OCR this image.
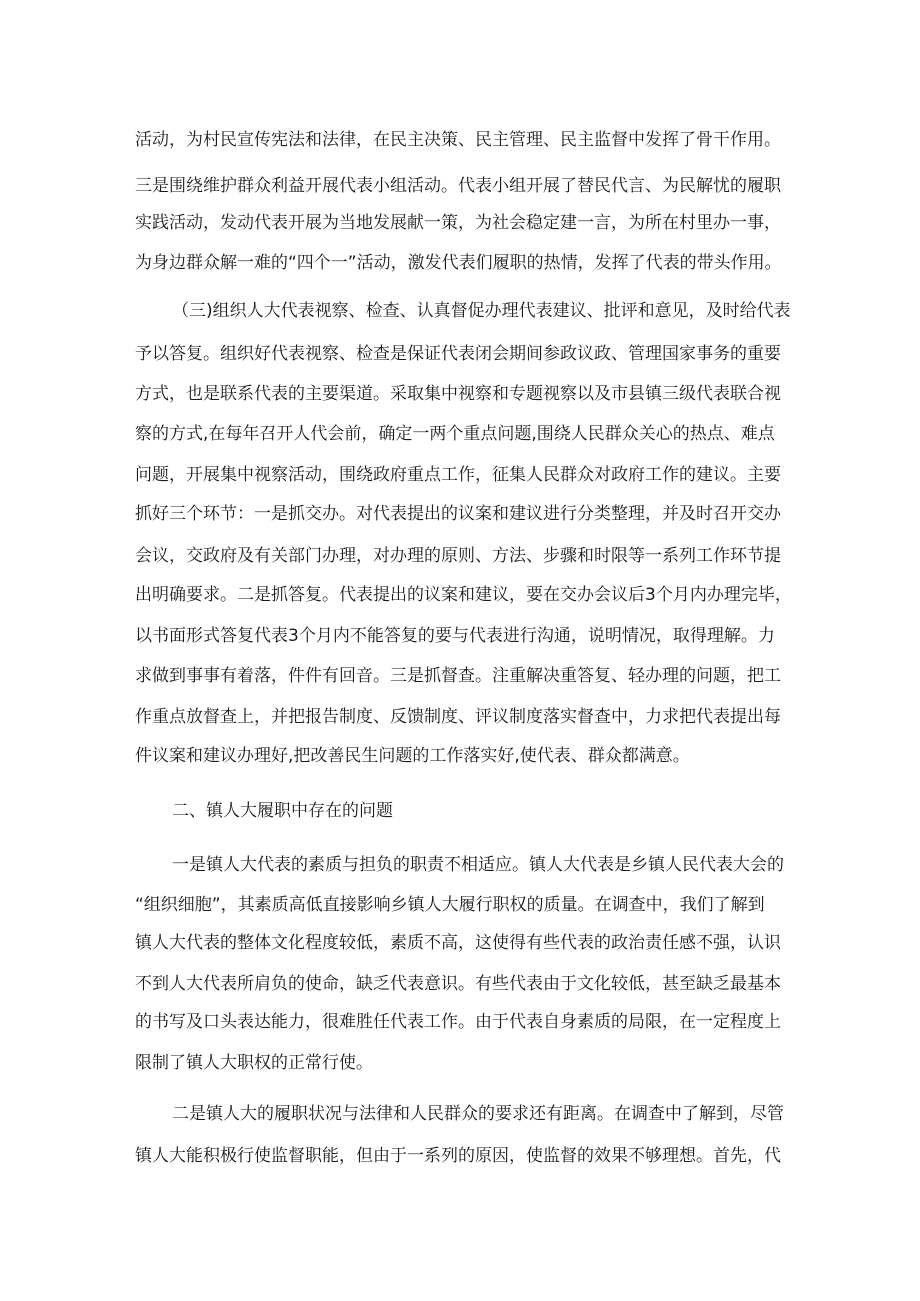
活动，为村民宣传宪法和法律，在民主决策、民主管理、民主监督中发挥了骨干作用。

三是围绕维护群众利益开展代表小组活动。代表小组开展了替民代言、为民解忧的履职

实践活动，发动代表开展为当地发展献一策，为社会稳定建一言，为所在村里办一事，

为身边群众解一难的“四个一”活动，激发代表们履职的热情，发挥了代表的带头作用。

（三)组织人大代表视察、检查、认真督促办理代表建议、批评和意见，及时给代表

予以答复。组织好代表视察、检查是保证代表闭会期间参政议政、管理国家事务的重要

方式，也是联系代表的主要渠道。采取集中视察和专题视察以及市县镇三级代表联合视

察的方式,在每年召开人代会前，确定一两个重点问题,围绕人民群众关心的热点、难点

问题，开展集中视察活动，围绕政府重点工作，征集人民群众对政府工作的建议。主要

抓好三个环节：一是抓交办。对代表提出的议案和建议进行分类整理，并及时召开交办

会议，交政府及有关部门办理，对办理的原则、方法、步骤和时限等一系列工作环节提

出明确要求。二是抓答复。代表提出的议案和建议，要在交办会议后3个月内办理完毕，

以书面形式答复代表3个月内不能答复的要与代表进行沟通，说明情况，取得理解。力

求做到事事有着落，件件有回音。三是抓督查。注重解决重答复、轻办理的问题，把工

作重点放督查上，并把报告制度、反馈制度、评议制度落实督查中，力求把代表提出每

件议案和建议办理好,把改善民生问题的工作落实好,使代表、群众都满意。

二、镇人大履职中存在的问题

一是镇人大代表的素质与担负的职责不相适应。镇人大代表是乡镇人民代表大会的

“组织细胞”，其素质高低直接影响乡镇人大履行职权的质量。在调查中，我们了解到

镇人大代表的整体文化程度较低，素质不高，这使得有些代表的政治责任感不强，认识

不到人大代表所肩负的使命，缺乏代表意识。有些代表由于文化较低，甚至缺乏最基本

的书写及口头表达能力，很难胜任代表工作。由于代表自身素质的局限，在一定程度上

限制了镇人大职权的正常行使。

二是镇人大的履职状况与法律和人民群众的要求还有距离。在调查中了解到，尽管

镇人大能积极行使监督职能，但由于一系列的原因，使监督的效果不够理想。首先，代
